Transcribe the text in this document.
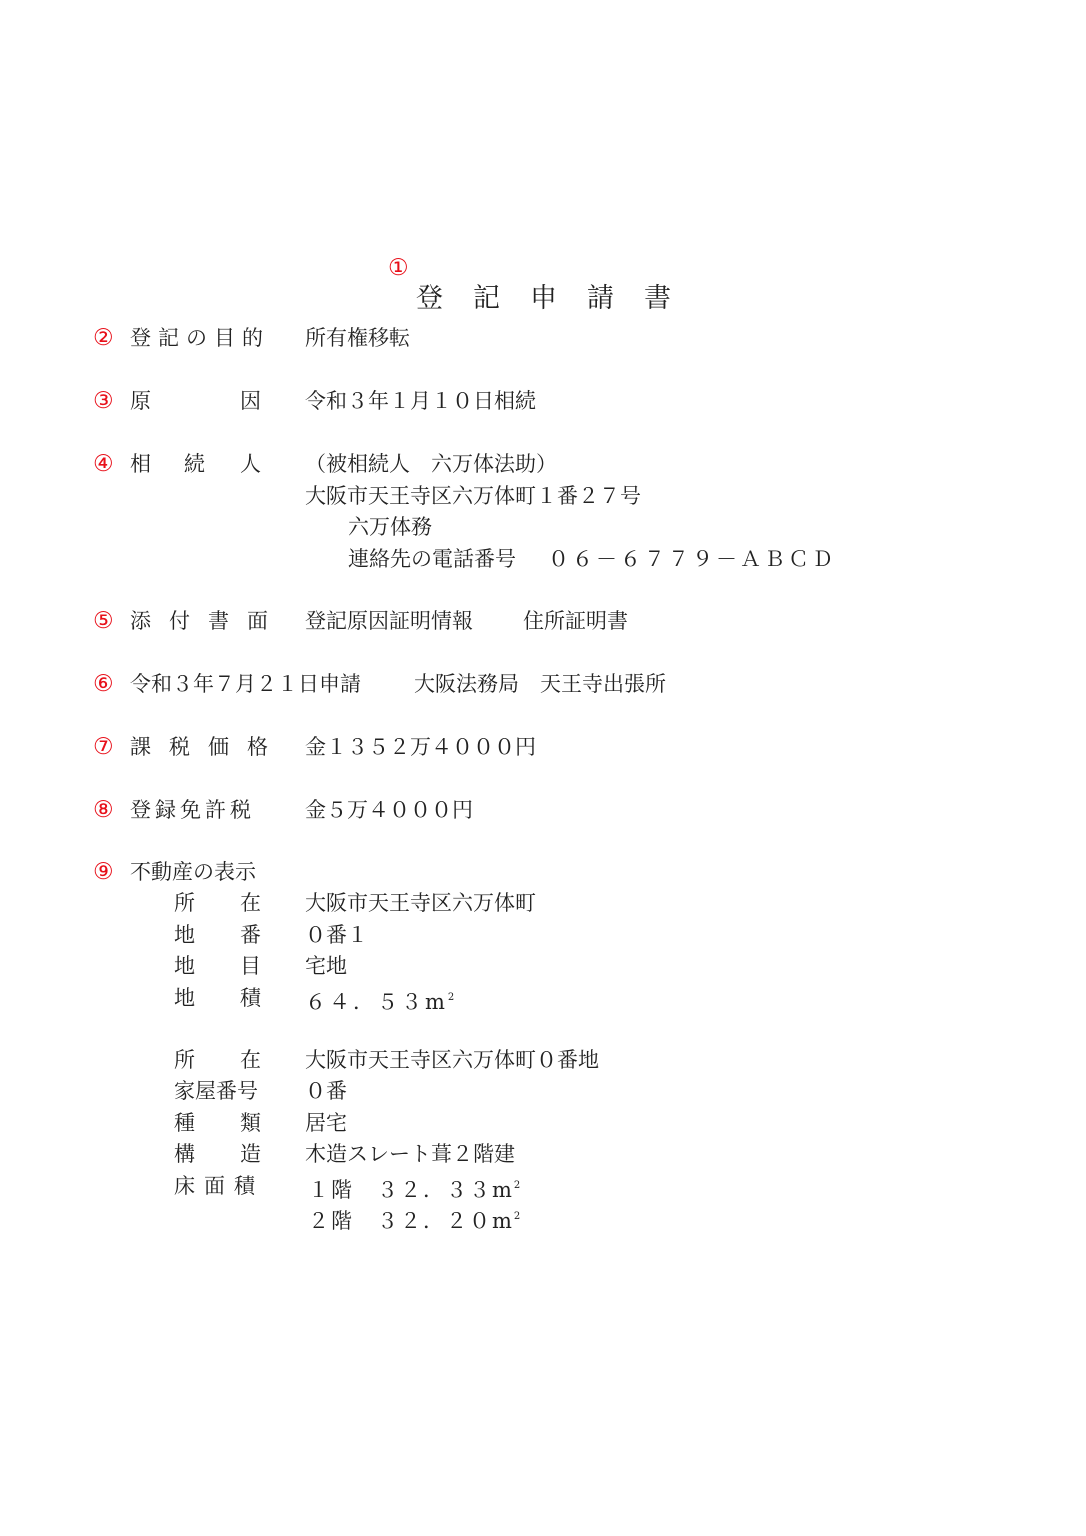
①
登記申請書
② 登記の目的 所有権移転
③ 原	因 令和３年１月１０日相続
④ 相 続 人 （被相続人　六万体法助）
大阪市天王寺区六万体町１番２７号
六万体務
連絡先の電話番号 ０６－６７７９－ＡＢＣＤ
⑤ 添付書面 登記原因証明情報 住所証明書
⑥ 令和３年７月２１日申請	大阪法務局　天王寺出張所
⑦ 課税価格 金１３５２万４０００円
⑧ 登録免許税 金５万４０００円
⑨ 不動産の表示
所 在 大阪市天王寺区六万体町
地 番 ０番１
地 目 宅地
地 積 ６４．$53m^2$
所 在 大阪市天王寺区六万体町０番地
家屋番号 ０番
種 類 居宅
構 造 木造スレート葺２階建
床面積 １階　３２．$33m^2$
２階　３２．$20m^2$
